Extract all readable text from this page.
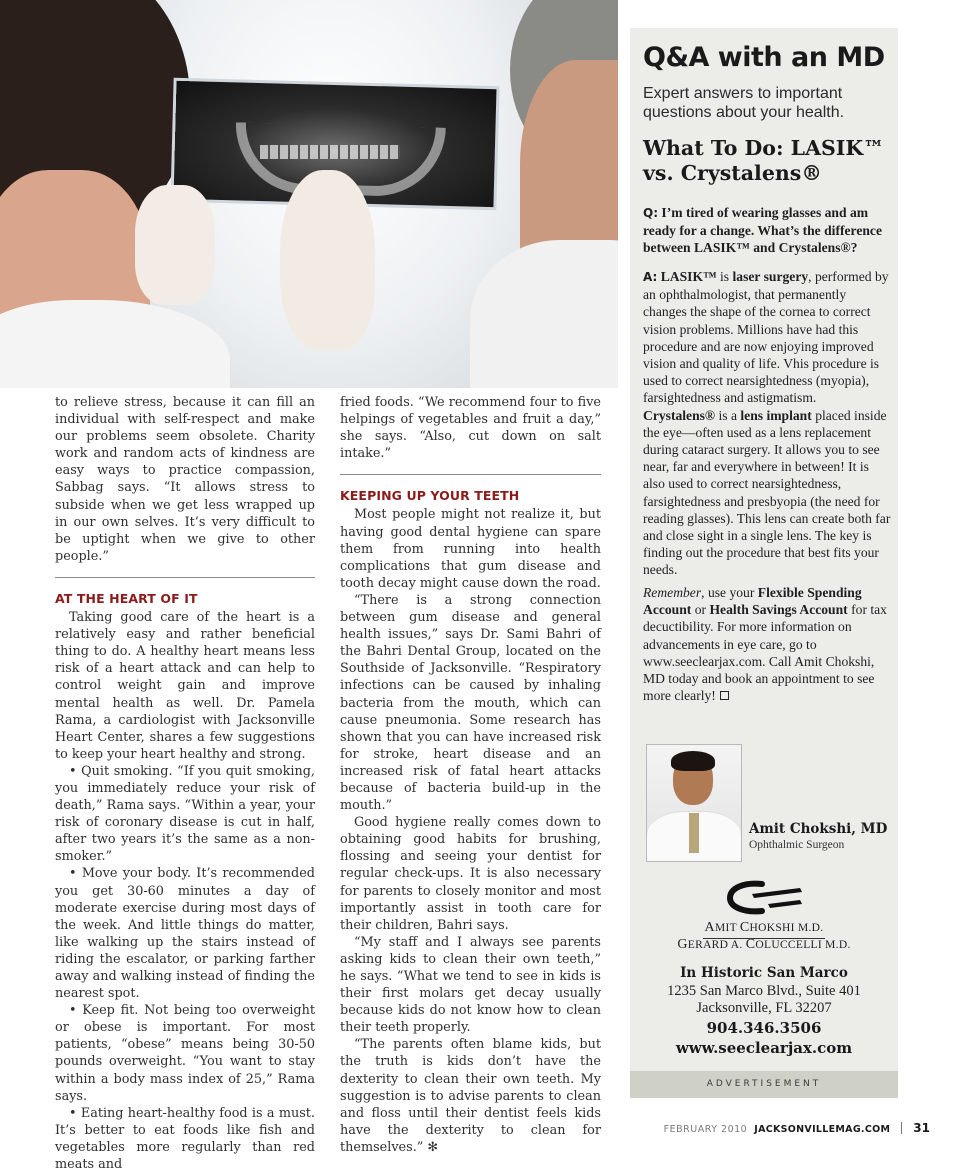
to relieve stress, because it can fill an individual with self-respect and make our problems seem obsolete. Charity work and random acts of kindness are easy ways to practice compassion, Sabbag says. “It allows stress to subside when we get less wrapped up in our own selves. It’s very difficult to be uptight when we give to other people.”

AT THE HEART OF IT

Taking good care of the heart is a relatively easy and rather beneficial thing to do. A healthy heart means less risk of a heart attack and can help to control weight gain and improve mental health as well. Dr. Pamela Rama, a cardiologist with Jacksonville Heart Center, shares a few suggestions to keep your heart healthy and strong.

• Quit smoking. “If you quit smoking, you immediately reduce your risk of death,” Rama says. “Within a year, your risk of coronary disease is cut in half, after two years it’s the same as a non-smoker.”

• Move your body. It’s recommended you get 30-60 minutes a day of moderate exercise during most days of the week. And little things do matter, like walking up the stairs instead of riding the escalator, or parking farther away and walking instead of finding the nearest spot.

• Keep fit. Not being too overweight or obese is important. For most patients, “obese” means being 30-50 pounds overweight. “You want to stay within a body mass index of 25,” Rama says.

• Eating heart-healthy food is a must. It’s better to eat foods like fish and vegetables more regularly than red meats and

fried foods. “We recommend four to five helpings of vegetables and fruit a day,” she says. “Also, cut down on salt intake.”

KEEPING UP YOUR TEETH

Most people might not realize it, but having good dental hygiene can spare them from running into health complications that gum disease and tooth decay might cause down the road.

“There is a strong connection between gum disease and general health issues,” says Dr. Sami Bahri of the Bahri Dental Group, located on the Southside of Jacksonville. “Respiratory infections can be caused by inhaling bacteria from the mouth, which can cause pneumonia. Some research has shown that you can have increased risk for stroke, heart disease and an increased risk of fatal heart attacks because of bacteria build-up in the mouth.”

Good hygiene really comes down to obtaining good habits for brushing, flossing and seeing your dentist for regular check-ups. It is also necessary for parents to closely monitor and most importantly assist in tooth care for their children, Bahri says.

“My staff and I always see parents asking kids to clean their own teeth,” he says. “What we tend to see in kids is their first molars get decay usually because kids do not know how to clean their teeth properly.

“The parents often blame kids, but the truth is kids don’t have the dexterity to clean their own teeth. My suggestion is to advise parents to clean and floss until their dentist feels kids have the dexterity to clean for themselves.” ✻

Q&A with an MD
Expert answers to important questions about your health.
What To Do: LASIK™ vs. Crystalens®
Q: I’m tired of wearing glasses and am ready for a change. What’s the difference between LASIK™ and Crystalens®?
A: LASIK™ is laser surgery, performed by an ophthalmologist, that permanently changes the shape of the cornea to correct vision problems. Millions have had this procedure and are now enjoying improved vision and quality of life. Vhis procedure is used to correct nearsightedness (myopia), farsightedness and astigmatism. Crystalens® is a lens implant placed inside the eye—often used as a lens replacement during cataract surgery. It allows you to see near, far and everywhere in between! It is also used to correct nearsightedness, farsightedness and presbyopia (the need for reading glasses). This lens can create both far and close sight in a single lens. The key is finding out the procedure that best fits your needs.
Remember, use your Flexible Spending Account or Health Savings Account for tax decuctibility. For more information on advancements in eye care, go to www.seeclearjax.com. Call Amit Chokshi, MD today and book an appointment to see more clearly!
Amit Chokshi, MD
Ophthalmic Surgeon
AMIT CHOKSHI M.D.
GERARD A. COLUCCELLI M.D.
In Historic San Marco
1235 San Marco Blvd., Suite 401
Jacksonville, FL 32207
904.346.3506
www.seeclearjax.com
ADVERTISEMENT
FEBRUARY 2010 JACKSONVILLEMAG.COM 31
